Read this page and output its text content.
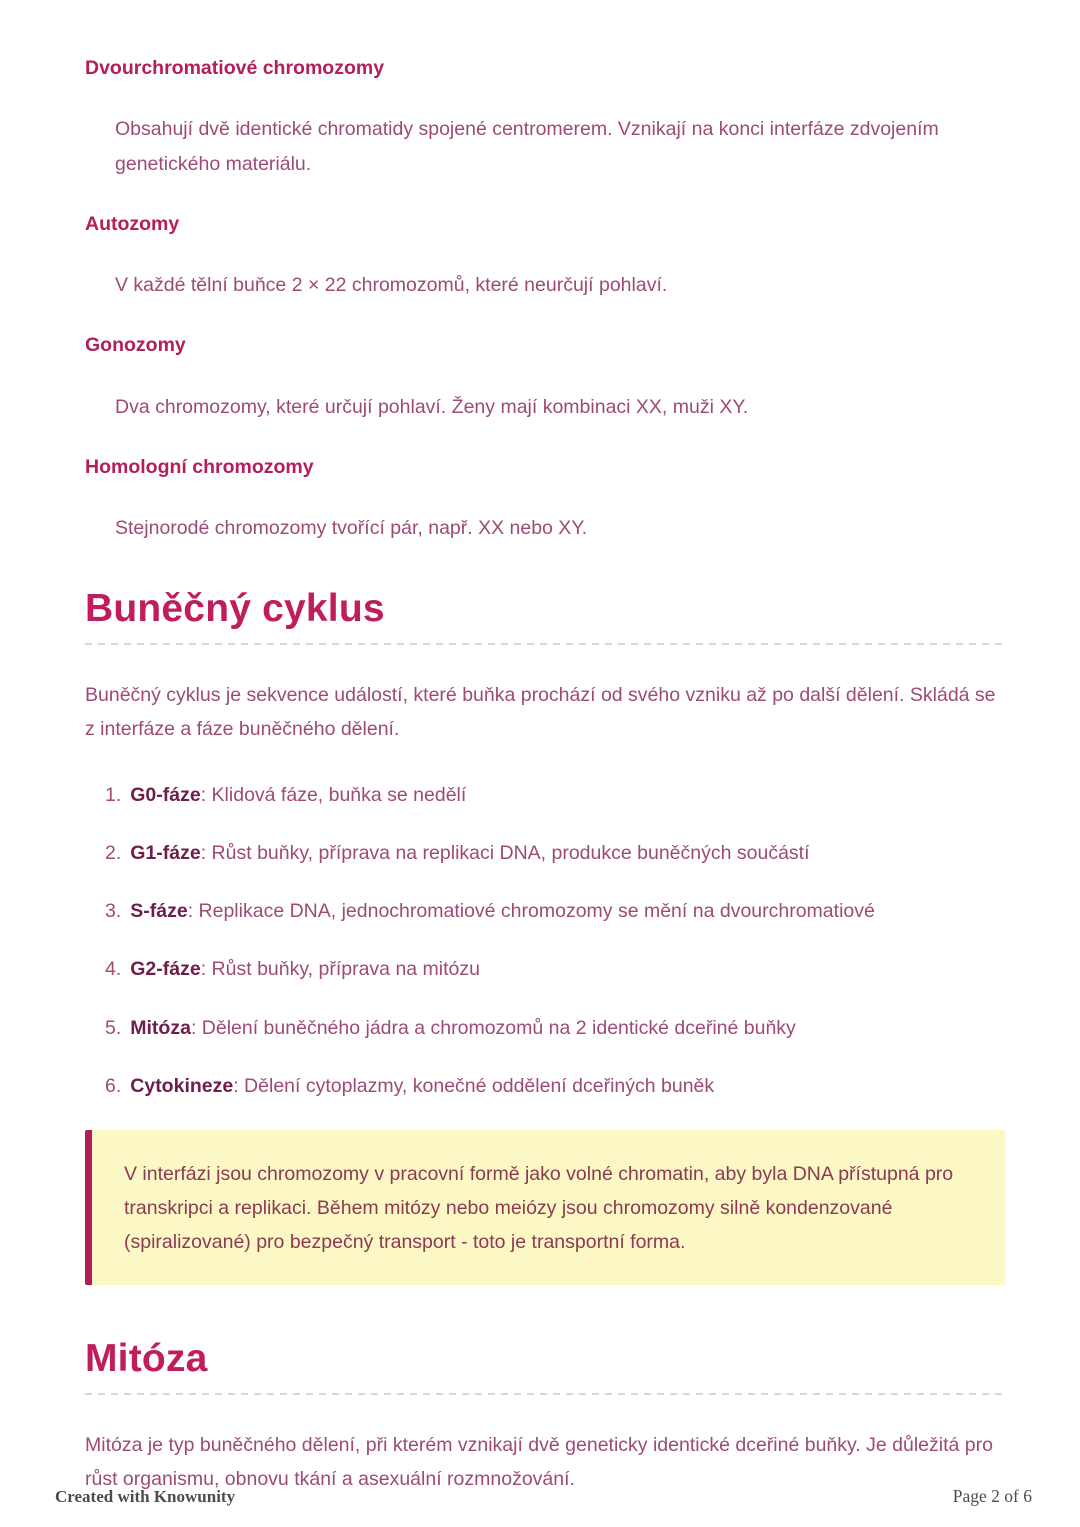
Dvourchromatiové chromozomy

Obsahují dvě identické chromatidy spojené centromerem. Vznikají na konci interfáze zdvojením genetického materiálu.

Autozomy

V každé tělní buňce 2 × 22 chromozomů, které neurčují pohlaví.

Gonozomy

Dva chromozomy, které určují pohlaví. Ženy mají kombinaci XX, muži XY.

Homologní chromozomy

Stejnorodé chromozomy tvořící pár, např. XX nebo XY.

Buněčný cyklus

Buněčný cyklus je sekvence událostí, které buňka prochází od svého vzniku až po další dělení. Skládá se z interfáze a fáze buněčného dělení.

1. G0-fáze: Klidová fáze, buňka se nedělí
2. G1-fáze: Růst buňky, příprava na replikaci DNA, produkce buněčných součástí
3. S-fáze: Replikace DNA, jednochromatiové chromozomy se mění na dvourchromatiové
4. G2-fáze: Růst buňky, příprava na mitózu
5. Mitóza: Dělení buněčného jádra a chromozomů na 2 identické dceřiné buňky
6. Cytokineze: Dělení cytoplazmy, konečné oddělení dceřiných buněk
V interfázi jsou chromozomy v pracovní formě jako volné chromatin, aby byla DNA přístupná pro transkripci a replikaci. Během mitózy nebo meiózy jsou chromozomy silně kondenzované (spiralizované) pro bezpečný transport - toto je transportní forma.
Mitóza

Mitóza je typ buněčného dělení, při kterém vznikají dvě geneticky identické dceřiné buňky. Je důležitá pro růst organismu, obnovu tkání a asexuální rozmnožování.

Created with Knowunity	Page 2 of 6
